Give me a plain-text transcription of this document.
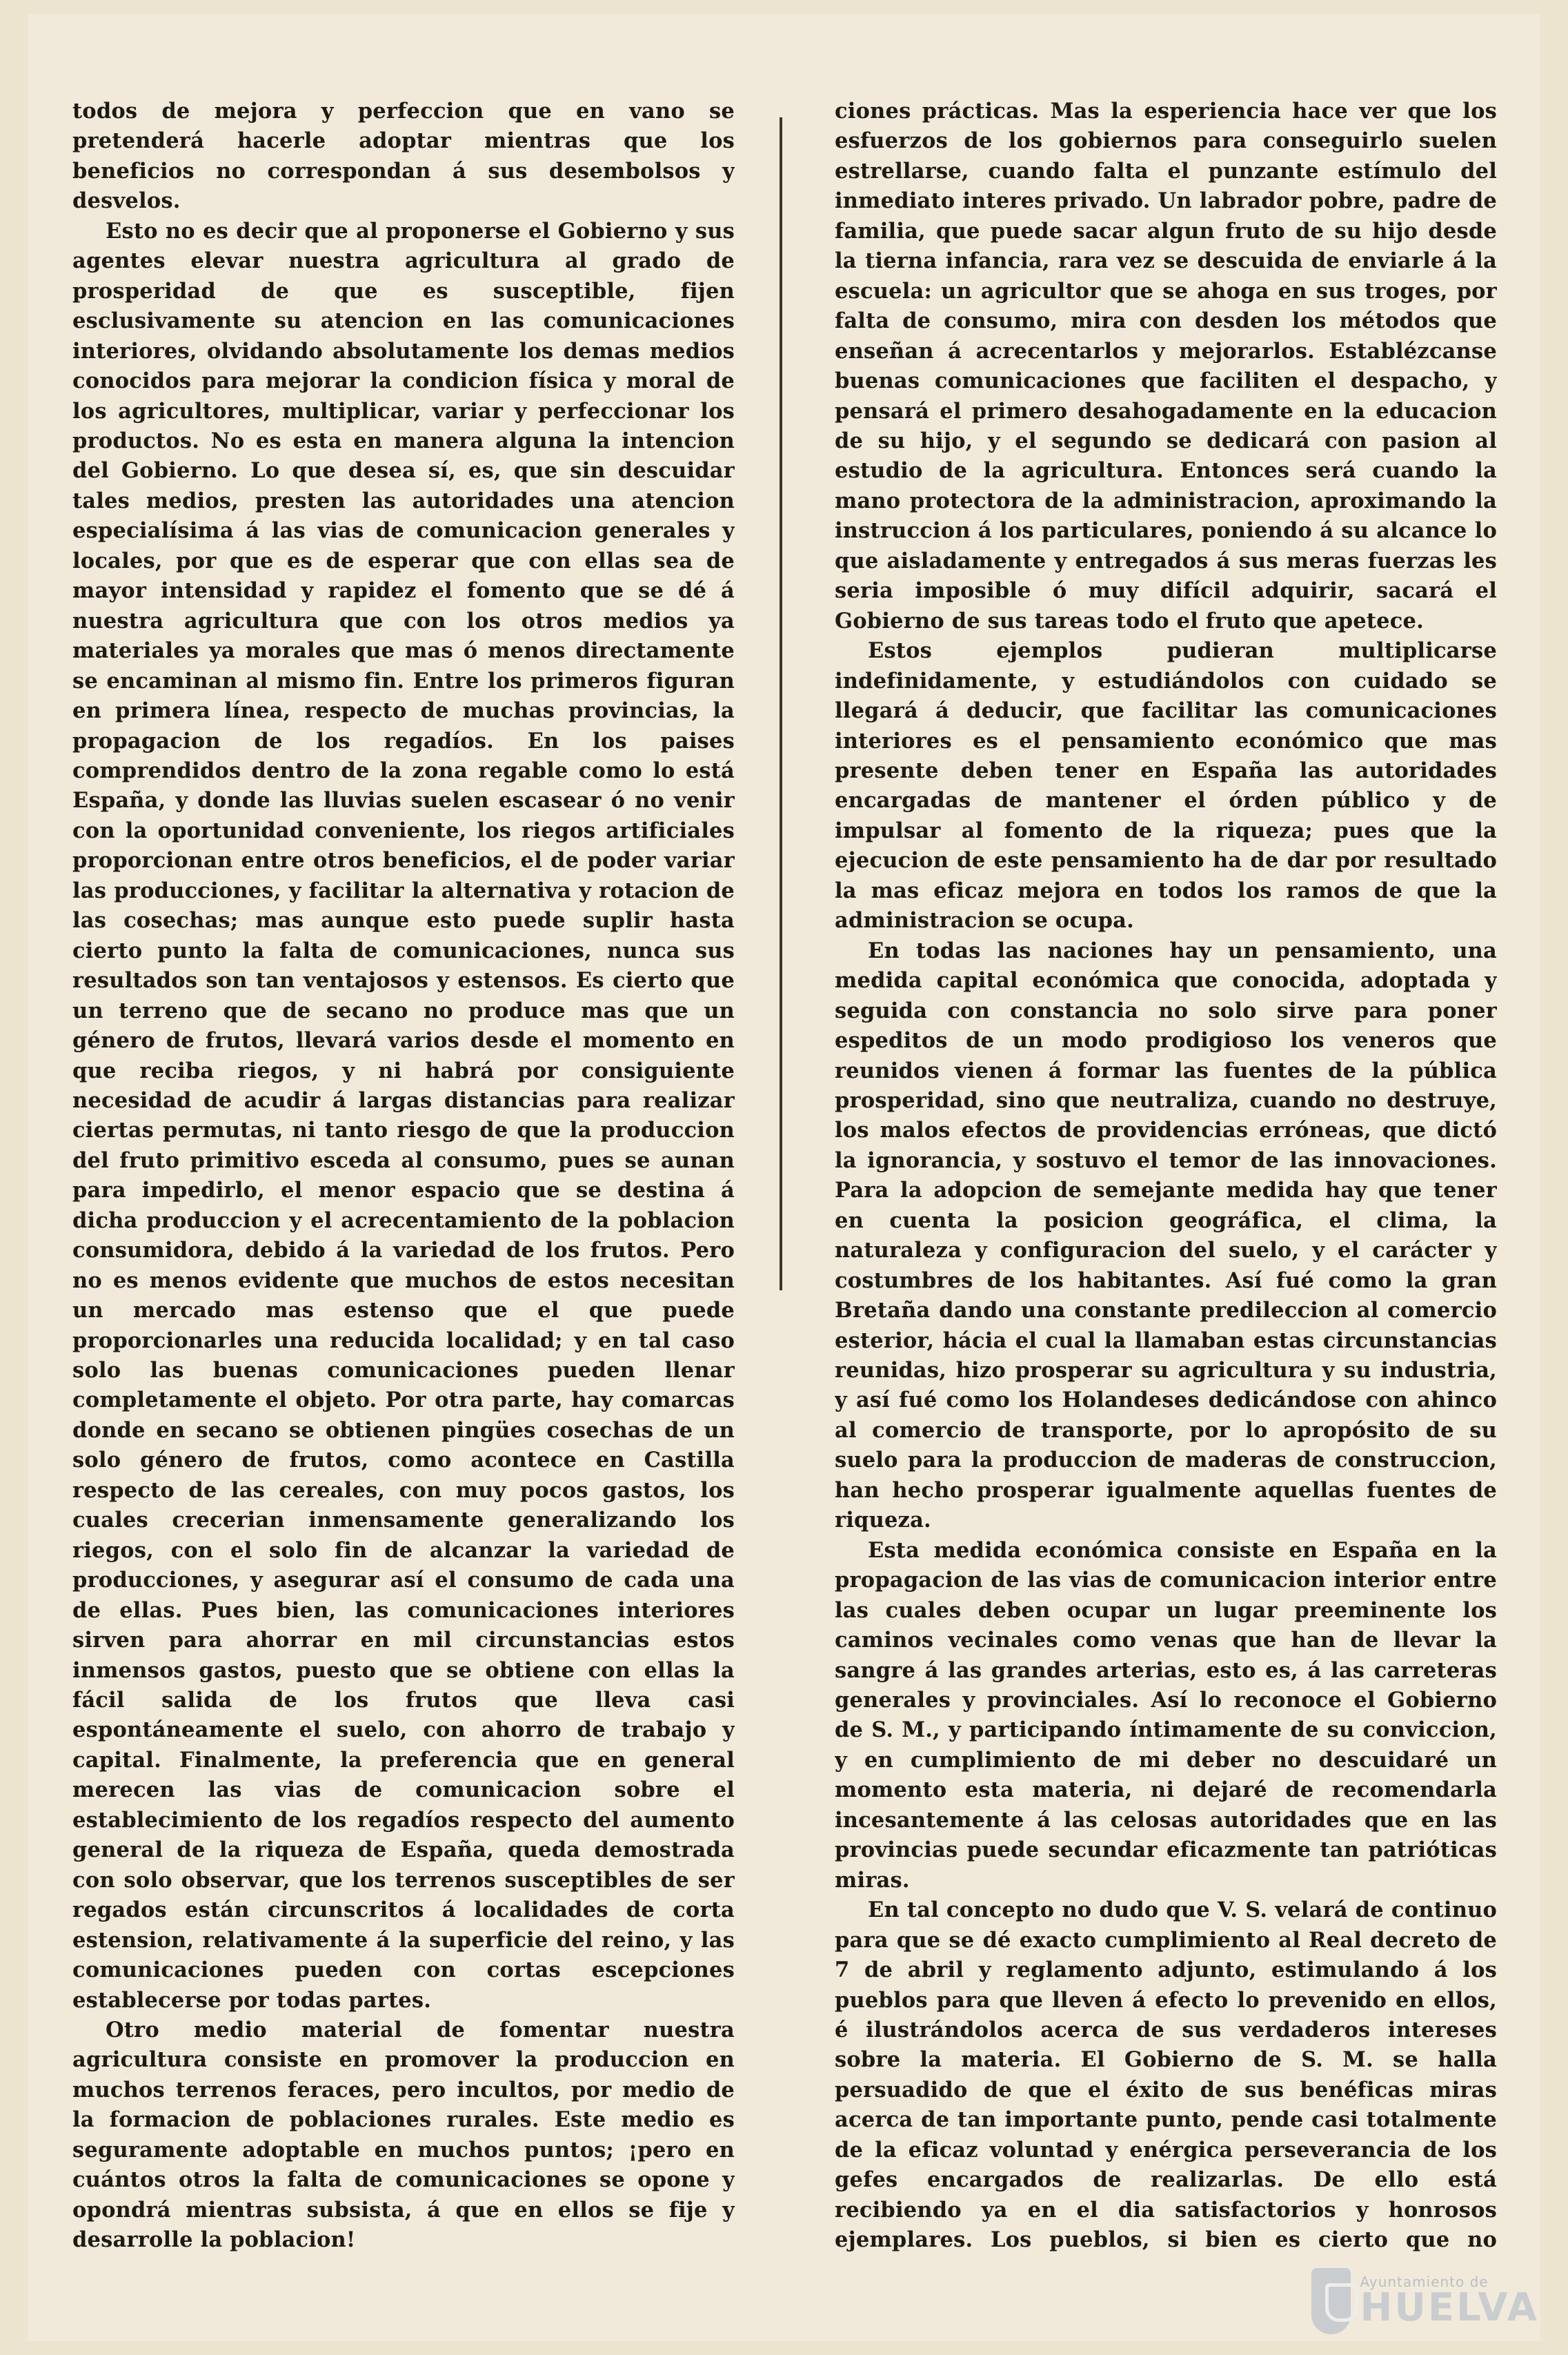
todos de mejora y perfeccion que en vano se pretenderá hacerle adoptar mientras que los beneficios no correspondan á sus desembolsos y desvelos.

Esto no es decir que al proponerse el Gobierno y sus agentes elevar nuestra agricultura al grado de prosperidad de que es susceptible, fijen esclusivamente su atencion en las comunicaciones interiores, olvidando absolutamente los demas medios conocidos para mejorar la condicion física y moral de los agricultores, multiplicar, variar y perfeccionar los productos. No es esta en manera alguna la intencion del Gobierno. Lo que desea sí, es, que sin descuidar tales medios, presten las autoridades una atencion especialísima á las vias de comunicacion generales y locales, por que es de esperar que con ellas sea de mayor intensidad y rapidez el fomento que se dé á nuestra agricultura que con los otros medios ya materiales ya morales que mas ó menos directamente se encaminan al mismo fin. Entre los primeros figuran en primera línea, respecto de muchas provincias, la propagacion de los regadíos. En los paises comprendidos dentro de la zona regable como lo está España, y donde las lluvias suelen escasear ó no venir con la oportunidad conveniente, los riegos artificiales proporcionan entre otros beneficios, el de poder variar las producciones, y facilitar la alternativa y rotacion de las cosechas; mas aunque esto puede suplir hasta cierto punto la falta de comunicaciones, nunca sus resultados son tan ventajosos y estensos. Es cierto que un terreno que de secano no produce mas que un género de frutos, llevará varios desde el momento en que reciba riegos, y ni habrá por consiguiente necesidad de acudir á largas distancias para realizar ciertas permutas, ni tanto riesgo de que la produccion del fruto primitivo esceda al consumo, pues se aunan para impedirlo, el menor espacio que se destina á dicha produccion y el acrecentamiento de la poblacion consumidora, debido á la variedad de los frutos. Pero no es menos evidente que muchos de estos necesitan un mercado mas estenso que el que puede proporcionarles una reducida localidad; y en tal caso solo las buenas comunicaciones pueden llenar completamente el objeto. Por otra parte, hay comarcas donde en secano se obtienen pingües cosechas de un solo género de frutos, como acontece en Castilla respecto de las cereales, con muy pocos gastos, los cuales crecerian inmensamente generalizando los riegos, con el solo fin de alcanzar la variedad de producciones, y asegurar así el consumo de cada una de ellas. Pues bien, las comunicaciones interiores sirven para ahorrar en mil circunstancias estos inmensos gastos, puesto que se obtiene con ellas la fácil salida de los frutos que lleva casi espontáneamente el suelo, con ahorro de trabajo y capital. Finalmente, la preferencia que en general merecen las vias de comunicacion sobre el establecimiento de los regadíos respecto del aumento general de la riqueza de España, queda demostrada con solo observar, que los terrenos susceptibles de ser regados están circunscritos á localidades de corta estension, relativamente á la superficie del reino, y las comunicaciones pueden con cortas escepciones establecerse por todas partes.

Otro medio material de fomentar nuestra agricultura consiste en promover la produccion en muchos terrenos feraces, pero incultos, por medio de la formacion de poblaciones rurales. Este medio es seguramente adoptable en muchos puntos; ¡pero en cuántos otros la falta de comunicaciones se opone y opondrá mientras subsista, á que en ellos se fije y desarrolle la poblacion!

ciones prácticas. Mas la esperiencia hace ver que los esfuerzos de los gobiernos para conseguirlo suelen estrellarse, cuando falta el punzante estímulo del inmediato interes privado. Un labrador pobre, padre de familia, que puede sacar algun fruto de su hijo desde la tierna infancia, rara vez se descuida de enviarle á la escuela: un agricultor que se ahoga en sus troges, por falta de consumo, mira con desden los métodos que enseñan á acrecentarlos y mejorarlos. Establézcanse buenas comunicaciones que faciliten el despacho, y pensará el primero desahogadamente en la educacion de su hijo, y el segundo se dedicará con pasion al estudio de la agricultura. Entonces será cuando la mano protectora de la administracion, aproximando la instruccion á los particulares, poniendo á su alcance lo que aisladamente y entregados á sus meras fuerzas les seria imposible ó muy difícil adquirir, sacará el Gobierno de sus tareas todo el fruto que apetece.

Estos ejemplos pudieran multiplicarse indefinidamente, y estudiándolos con cuidado se llegará á deducir, que facilitar las comunicaciones interiores es el pensamiento económico que mas presente deben tener en España las autoridades encargadas de mantener el órden público y de impulsar al fomento de la riqueza; pues que la ejecucion de este pensamiento ha de dar por resultado la mas eficaz mejora en todos los ramos de que la administracion se ocupa.

En todas las naciones hay un pensamiento, una medida capital económica que conocida, adoptada y seguida con constancia no solo sirve para poner espeditos de un modo prodigioso los veneros que reunidos vienen á formar las fuentes de la pública prosperidad, sino que neutraliza, cuando no destruye, los malos efectos de providencias erróneas, que dictó la ignorancia, y sostuvo el temor de las innovaciones. Para la adopcion de semejante medida hay que tener en cuenta la posicion geográfica, el clima, la naturaleza y configuracion del suelo, y el carácter y costumbres de los habitantes. Así fué como la gran Bretaña dando una constante predileccion al comercio esterior, hácia el cual la llamaban estas circunstancias reunidas, hizo prosperar su agricultura y su industria, y así fué como los Holandeses dedicándose con ahinco al comercio de transporte, por lo apropósito de su suelo para la produccion de maderas de construccion, han hecho prosperar igualmente aquellas fuentes de riqueza.

Esta medida económica consiste en España en la propagacion de las vias de comunicacion interior entre las cuales deben ocupar un lugar preeminente los caminos vecinales como venas que han de llevar la sangre á las grandes arterias, esto es, á las carreteras generales y provinciales. Así lo reconoce el Gobierno de S. M., y participando íntimamente de su conviccion, y en cumplimiento de mi deber no descuidaré un momento esta materia, ni dejaré de recomendarla incesantemente á las celosas autoridades que en las provincias puede secundar eficazmente tan patrióticas miras.

En tal concepto no dudo que V. S. velará de continuo para que se dé exacto cumplimiento al Real decreto de 7 de abril y reglamento adjunto, estimulando á los pueblos para que lleven á efecto lo prevenido en ellos, é ilustrándolos acerca de sus verdaderos intereses sobre la materia. El Gobierno de S. M. se halla persuadido de que el éxito de sus benéficas miras acerca de tan importante punto, pende casi totalmente de la eficaz voluntad y enérgica perseverancia de los gefes encargados de realizarlas. De ello está recibiendo ya en el dia satisfactorios y honrosos ejemplares. Los pueblos, si bien es cierto que no

Ayuntamiento de
HUELVA
